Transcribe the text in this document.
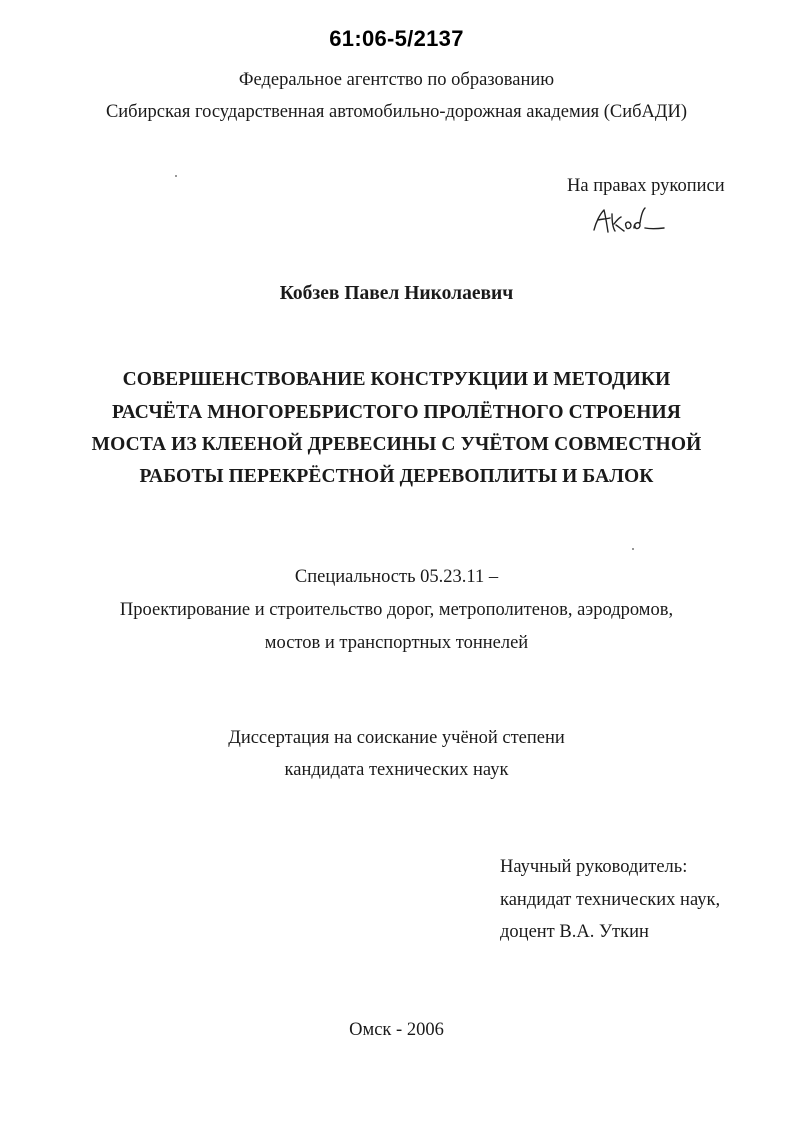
61:06-5/2137
Федеральное агентство по образованию
Сибирская государственная автомобильно-дорожная академия (СибАДИ)
На правах рукописи
Кобзев Павел Николаевич
СОВЕРШЕНСТВОВАНИЕ КОНСТРУКЦИИ И МЕТОДИКИ
РАСЧЁТА МНОГОРЕБРИСТОГО ПРОЛЁТНОГО СТРОЕНИЯ
МОСТА ИЗ КЛЕЕНОЙ ДРЕВЕСИНЫ С УЧЁТОМ СОВМЕСТНОЙ
РАБОТЫ ПЕРЕКРЁСТНОЙ ДЕРЕВОПЛИТЫ И БАЛОК
Специальность 05.23.11 –
Проектирование и строительство дорог, метрополитенов, аэродромов,
мостов и транспортных тоннелей
Диссертация на соискание учёной степени
кандидата технических наук
Научный руководитель:
кандидат технических наук,
доцент В.А. Уткин
Омск - 2006
